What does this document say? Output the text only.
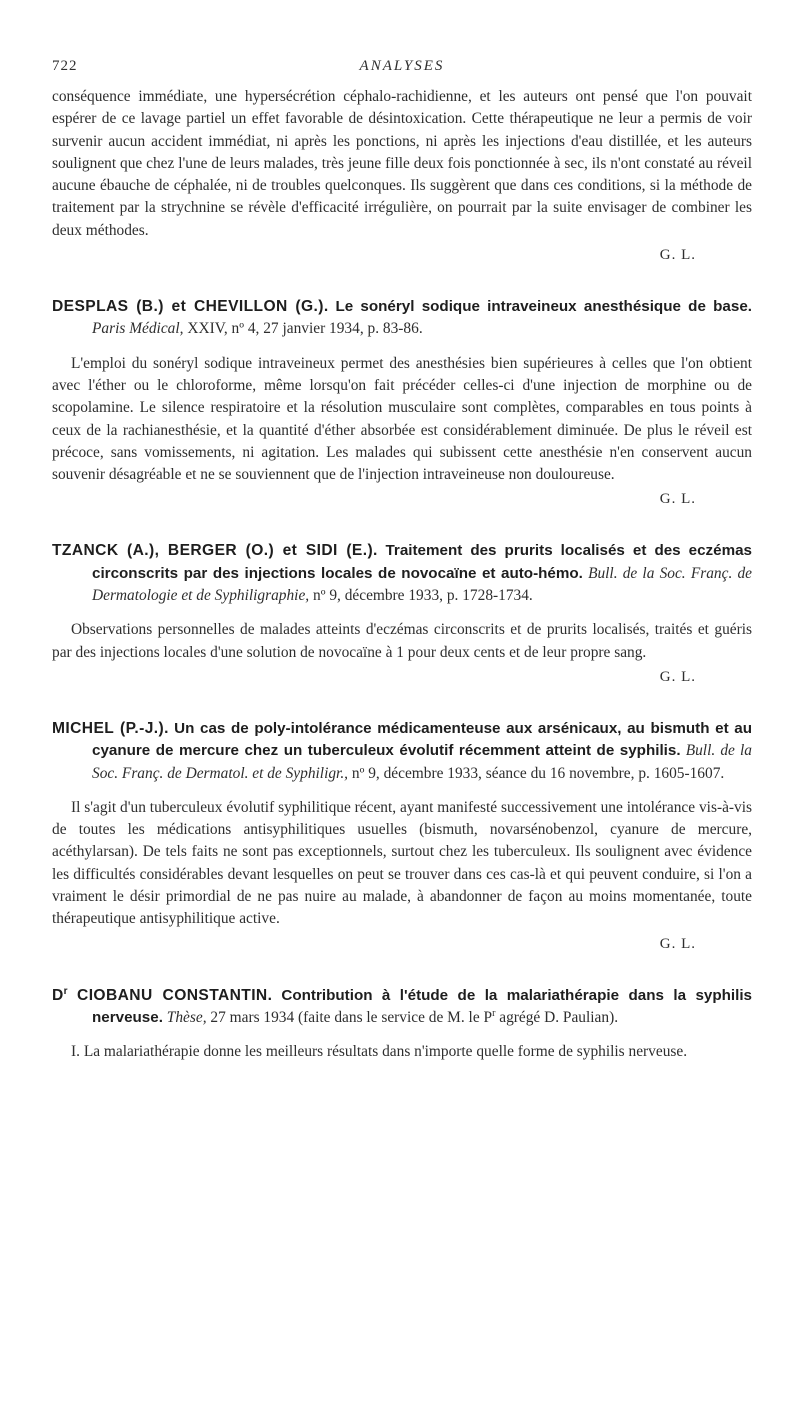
722	ANALYSES

conséquence immédiate, une hypersécrétion céphalo-rachidienne, et les auteurs ont pensé que l'on pouvait espérer de ce lavage partiel un effet favorable de désintoxication. Cette thérapeutique ne leur a permis de voir survenir aucun accident immédiat, ni après les ponctions, ni après les injections d'eau distillée, et les auteurs soulignent que chez l'une de leurs malades, très jeune fille deux fois ponctionnée à sec, ils n'ont constaté au réveil aucune ébauche de céphalée, ni de troubles quelconques. Ils suggèrent que dans ces conditions, si la méthode de traitement par la strychnine se révèle d'efficacité irrégulière, on pourrait par la suite envisager de combiner les deux méthodes.

G. L.

DESPLAS (B.) et CHEVILLON (G.). Le sonéryl sodique intraveineux anesthésique de base. Paris Médical, XXIV, nº 4, 27 janvier 1934, p. 83-86.

L'emploi du sonéryl sodique intraveineux permet des anesthésies bien supérieures à celles que l'on obtient avec l'éther ou le chloroforme, même lorsqu'on fait précéder celles-ci d'une injection de morphine ou de scopolamine. Le silence respiratoire et la résolution musculaire sont complètes, comparables en tous points à ceux de la rachianesthésie, et la quantité d'éther absorbée est considérablement diminuée. De plus le réveil est précoce, sans vomissements, ni agitation. Les malades qui subissent cette anesthésie n'en conservent aucun souvenir désagréable et ne se souviennent que de l'injection intraveineuse non douloureuse.

G. L.

TZANCK (A.), BERGER (O.) et SIDI (E.). Traitement des prurits localisés et des eczémas circonscrits par des injections locales de novocaïne et auto-hémo. Bull. de la Soc. Franç. de Dermatologie et de Syphiligraphie, nº 9, décembre 1933, p. 1728-1734.

Observations personnelles de malades atteints d'eczémas circonscrits et de prurits localisés, traités et guéris par des injections locales d'une solution de novocaïne à 1 pour deux cents et de leur propre sang.

G. L.

MICHEL (P.-J.). Un cas de poly-intolérance médicamenteuse aux arsénicaux, au bismuth et au cyanure de mercure chez un tuberculeux évolutif récemment atteint de syphilis. Bull. de la Soc. Franç. de Dermatol. et de Syphiligr., nº 9, décembre 1933, séance du 16 novembre, p. 1605-1607.

Il s'agit d'un tuberculeux évolutif syphilitique récent, ayant manifesté successivement une intolérance vis-à-vis de toutes les médications antisyphilitiques usuelles (bismuth, novarsénobenzol, cyanure de mercure, acéthylarsan). De tels faits ne sont pas exceptionnels, surtout chez les tuberculeux. Ils soulignent avec évidence les difficultés considérables devant lesquelles on peut se trouver dans ces cas-là et qui peuvent conduire, si l'on a vraiment le désir primordial de ne pas nuire au malade, à abandonner de façon au moins momentanée, toute thérapeutique antisyphilitique active.

G. L.

$D^r$ CIOBANU CONSTANTIN. Contribution à l'étude de la malariathérapie dans la syphilis nerveuse. Thèse, 27 mars 1934 (faite dans le service de M. le $P^r$ agrégé D. Paulian).

I. La malariathérapie donne les meilleurs résultats dans n'importe quelle forme de syphilis nerveuse.
